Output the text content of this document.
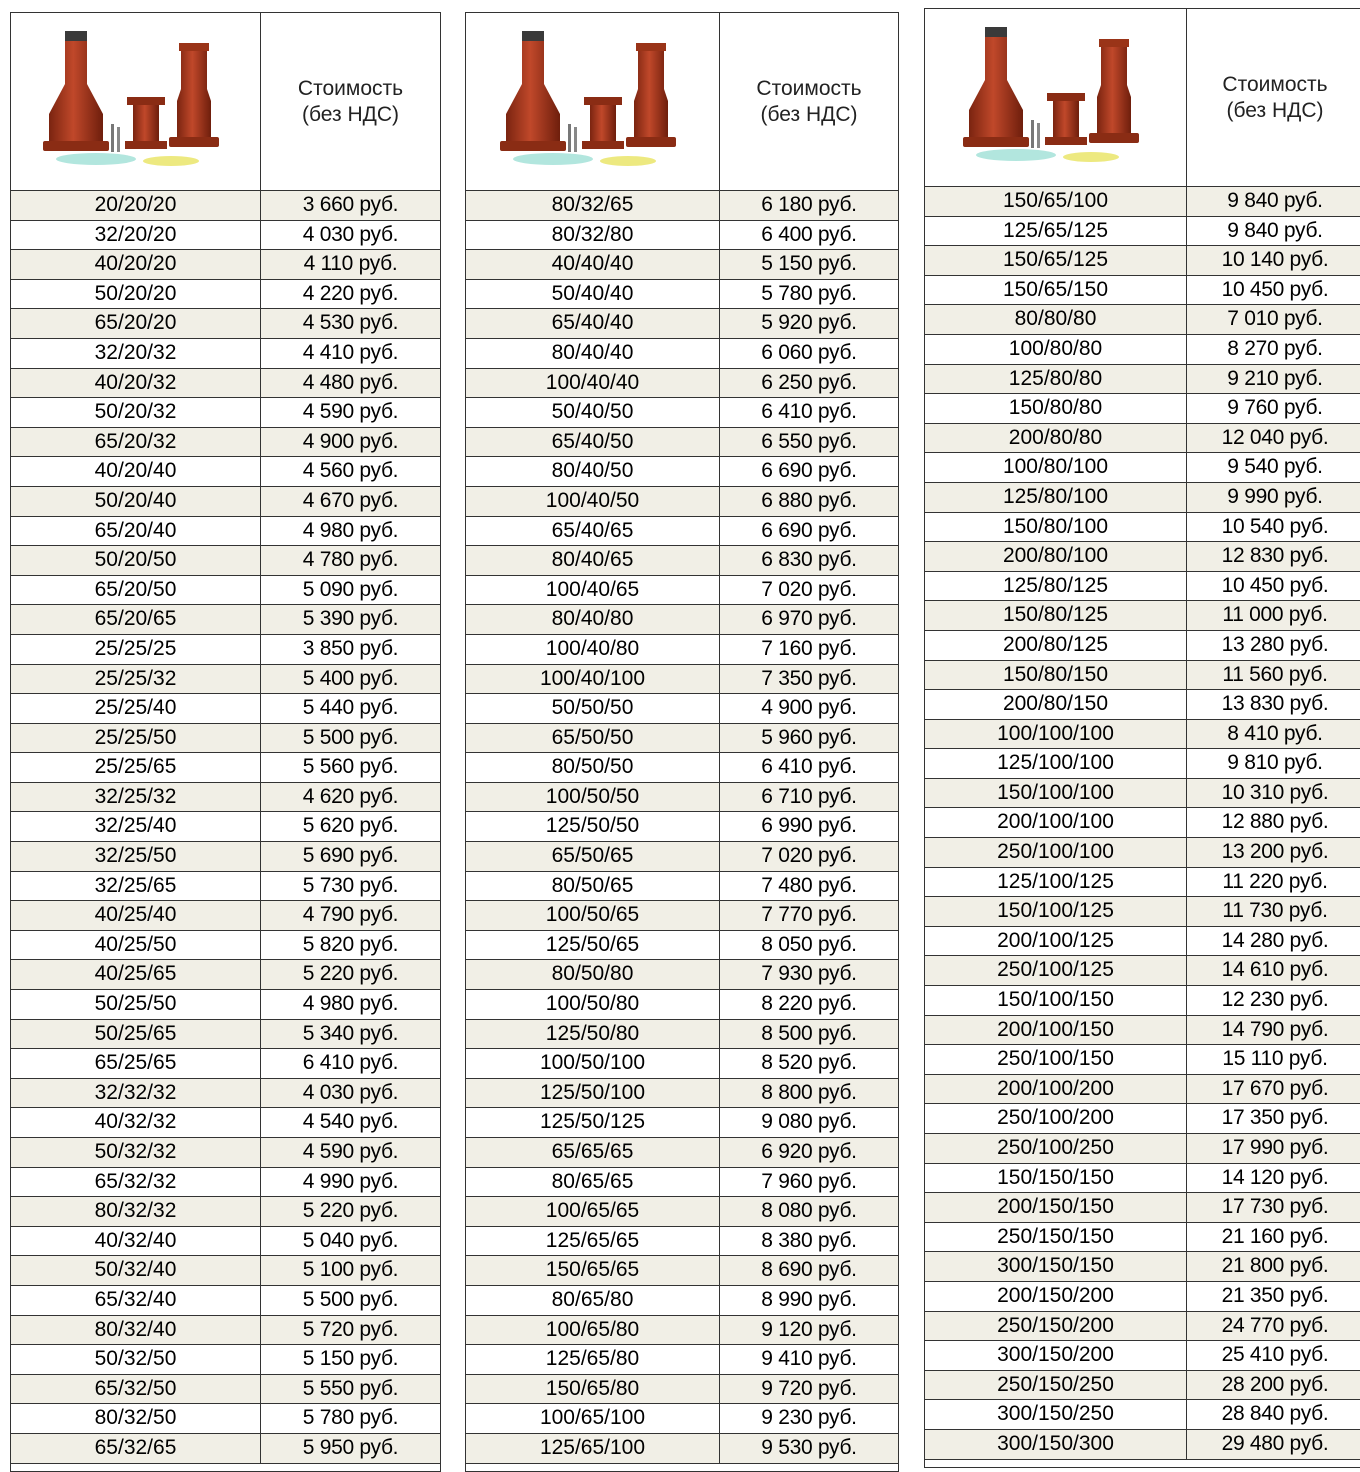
Стоимость
(без НДС)
20/20/20	3 660 руб.
32/20/20	4 030 руб.
40/20/20	4 110 руб.
50/20/20	4 220 руб.
65/20/20	4 530 руб.
32/20/32	4 410 руб.
40/20/32	4 480 руб.
50/20/32	4 590 руб.
65/20/32	4 900 руб.
40/20/40	4 560 руб.
50/20/40	4 670 руб.
65/20/40	4 980 руб.
50/20/50	4 780 руб.
65/20/50	5 090 руб.
65/20/65	5 390 руб.
25/25/25	3 850 руб.
25/25/32	5 400 руб.
25/25/40	5 440 руб.
25/25/50	5 500 руб.
25/25/65	5 560 руб.
32/25/32	4 620 руб.
32/25/40	5 620 руб.
32/25/50	5 690 руб.
32/25/65	5 730 руб.
40/25/40	4 790 руб.
40/25/50	5 820 руб.
40/25/65	5 220 руб.
50/25/50	4 980 руб.
50/25/65	5 340 руб.
65/25/65	6 410 руб.
32/32/32	4 030 руб.
40/32/32	4 540 руб.
50/32/32	4 590 руб.
65/32/32	4 990 руб.
80/32/32	5 220 руб.
40/32/40	5 040 руб.
50/32/40	5 100 руб.
65/32/40	5 500 руб.
80/32/40	5 720 руб.
50/32/50	5 150 руб.
65/32/50	5 550 руб.
80/32/50	5 780 руб.
65/32/65	5 950 руб.
Стоимость
(без НДС)
80/32/65	6 180 руб.
80/32/80	6 400 руб.
40/40/40	5 150 руб.
50/40/40	5 780 руб.
65/40/40	5 920 руб.
80/40/40	6 060 руб.
100/40/40	6 250 руб.
50/40/50	6 410 руб.
65/40/50	6 550 руб.
80/40/50	6 690 руб.
100/40/50	6 880 руб.
65/40/65	6 690 руб.
80/40/65	6 830 руб.
100/40/65	7 020 руб.
80/40/80	6 970 руб.
100/40/80	7 160 руб.
100/40/100	7 350 руб.
50/50/50	4 900 руб.
65/50/50	5 960 руб.
80/50/50	6 410 руб.
100/50/50	6 710 руб.
125/50/50	6 990 руб.
65/50/65	7 020 руб.
80/50/65	7 480 руб.
100/50/65	7 770 руб.
125/50/65	8 050 руб.
80/50/80	7 930 руб.
100/50/80	8 220 руб.
125/50/80	8 500 руб.
100/50/100	8 520 руб.
125/50/100	8 800 руб.
125/50/125	9 080 руб.
65/65/65	6 920 руб.
80/65/65	7 960 руб.
100/65/65	8 080 руб.
125/65/65	8 380 руб.
150/65/65	8 690 руб.
80/65/80	8 990 руб.
100/65/80	9 120 руб.
125/65/80	9 410 руб.
150/65/80	9 720 руб.
100/65/100	9 230 руб.
125/65/100	9 530 руб.
Стоимость
(без НДС)
150/65/100	9 840 руб.
125/65/125	9 840 руб.
150/65/125	10 140 руб.
150/65/150	10 450 руб.
80/80/80	7 010 руб.
100/80/80	8 270 руб.
125/80/80	9 210 руб.
150/80/80	9 760 руб.
200/80/80	12 040 руб.
100/80/100	9 540 руб.
125/80/100	9 990 руб.
150/80/100	10 540 руб.
200/80/100	12 830 руб.
125/80/125	10 450 руб.
150/80/125	11 000 руб.
200/80/125	13 280 руб.
150/80/150	11 560 руб.
200/80/150	13 830 руб.
100/100/100	8 410 руб.
125/100/100	9 810 руб.
150/100/100	10 310 руб.
200/100/100	12 880 руб.
250/100/100	13 200 руб.
125/100/125	11 220 руб.
150/100/125	11 730 руб.
200/100/125	14 280 руб.
250/100/125	14 610 руб.
150/100/150	12 230 руб.
200/100/150	14 790 руб.
250/100/150	15 110 руб.
200/100/200	17 670 руб.
250/100/200	17 350 руб.
250/100/250	17 990 руб.
150/150/150	14 120 руб.
200/150/150	17 730 руб.
250/150/150	21 160 руб.
300/150/150	21 800 руб.
200/150/200	21 350 руб.
250/150/200	24 770 руб.
300/150/200	25 410 руб.
250/150/250	28 200 руб.
300/150/250	28 840 руб.
300/150/300	29 480 руб.
